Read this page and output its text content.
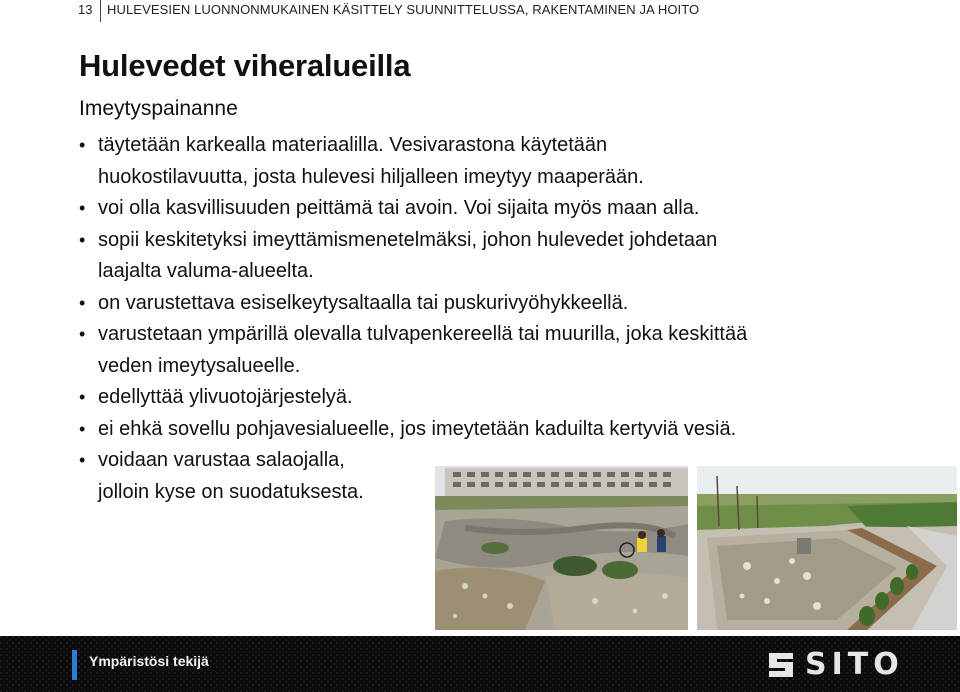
13 HULEVESIEN LUONNONMUKAINEN KÄSITTELY SUUNNITTELUSSA, RAKENTAMINEN JA HOITO
Hulevedet viheralueilla
Imeytyspainanne
• täytetään karkealla materiaalilla. Vesivarastona käytetään
huokostilavuutta, josta hulevesi hiljalleen imeytyy maaperään.
• voi olla kasvillisuuden peittämä tai avoin. Voi sijaita myös maan alla.
• sopii keskitetyksi imeyttämismenetelmäksi, johon hulevedet johdetaan
laajalta valuma-alueelta.
• on varustettava esiselkeytysaltaalla tai puskurivyöhykkeellä.
• varustetaan ympärillä olevalla tulvapenkereellä tai muurilla, joka keskittää
veden imeytysalueelle.
• edellyttää ylivuotojärjestelyä.
• ei ehkä sovellu pohjavesialueelle, jos imeytetään kaduilta kertyviä vesiä.
• voidaan varustaa salaojalla,
jolloin kyse on suodatuksesta.
Ympäristösi tekijä	SITO
